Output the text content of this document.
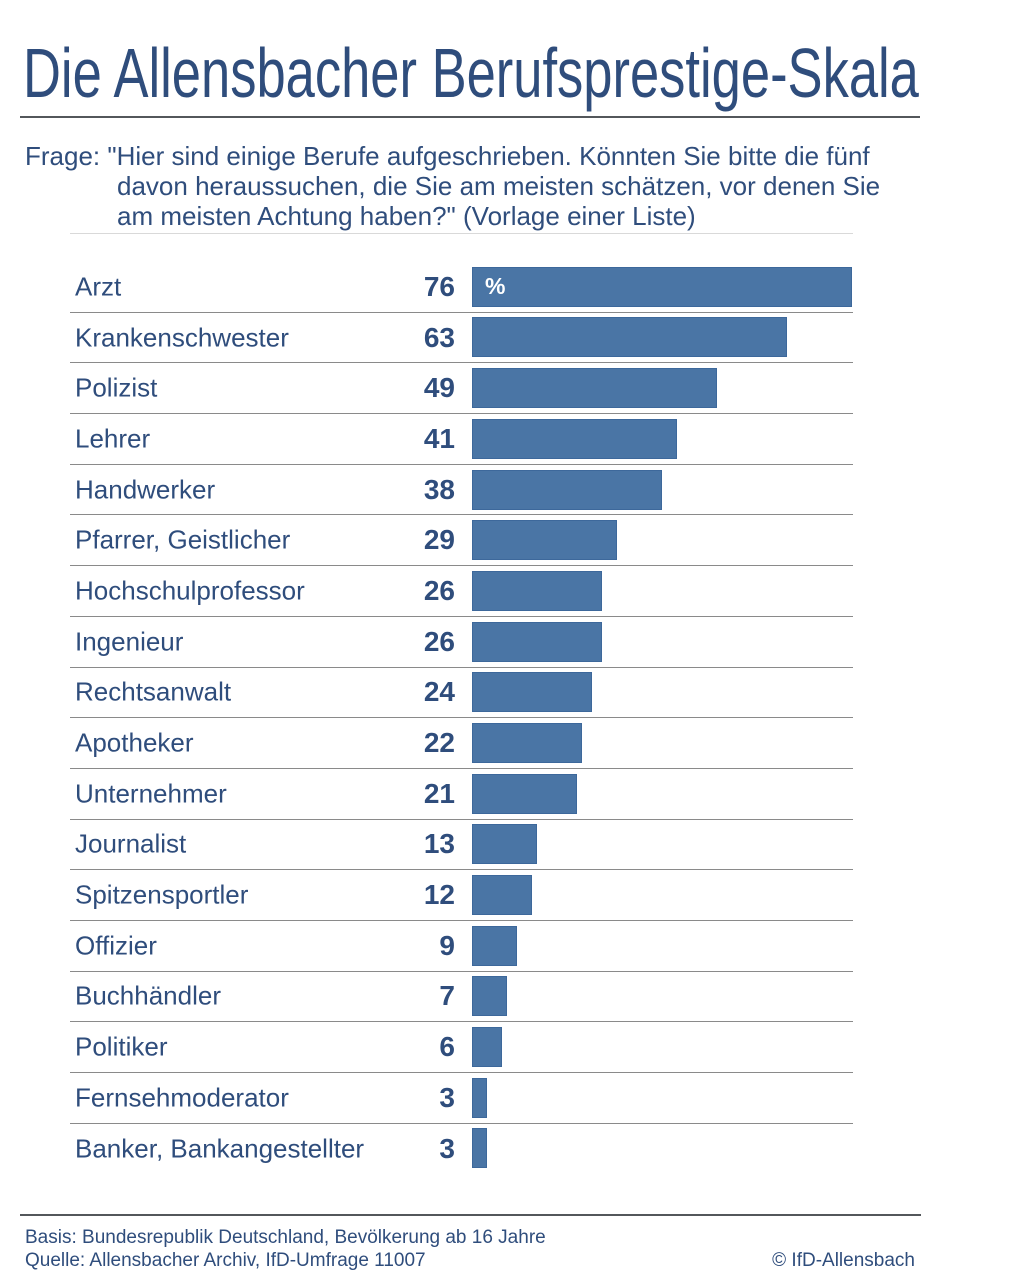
Die Allensbacher Berufsprestige-Skala
Frage: "Hier sind einige Berufe aufgeschrieben. Könnten Sie bitte die fünf
davon heraussuchen, die Sie am meisten schätzen, vor denen Sie
am meisten Achtung haben?" (Vorlage einer Liste)
Arzt	76	%
Krankenschwester	63
Polizist	49
Lehrer	41
Handwerker	38
Pfarrer, Geistlicher	29
Hochschulprofessor	26
Ingenieur	26
Rechtsanwalt	24
Apotheker	22
Unternehmer	21
Journalist	13
Spitzensportler	12
Offizier	9
Buchhändler	7
Politiker	6
Fernsehmoderator	3
Banker, Bankangestellter	3
Basis: Bundesrepublik Deutschland, Bevölkerung ab 16 Jahre
Quelle: Allensbacher Archiv, IfD-Umfrage 11007	© IfD-Allensbach
